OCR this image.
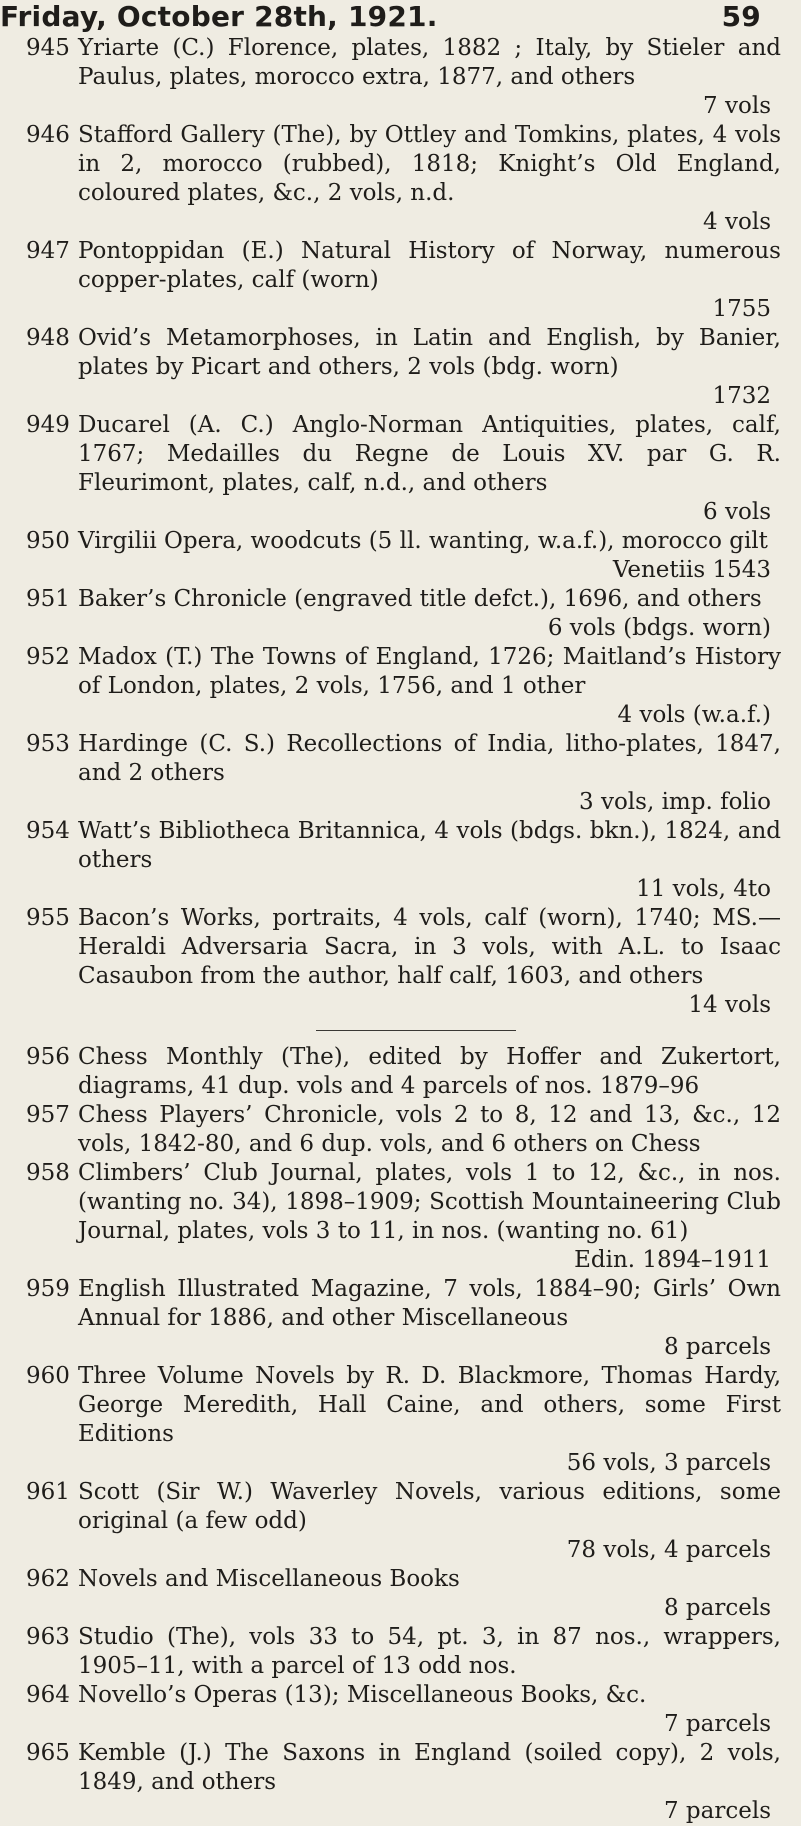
Friday, October 28th, 1921.	59
945 Yriarte (C.) Florence, plates, 1882 ; Italy, by Stieler and Paulus, plates, morocco extra, 1877, and others
7 vols
946 Stafford Gallery (The), by Ottley and Tomkins, plates, 4 vols in 2, morocco (rubbed), 1818; Knight’s Old England, coloured plates, &c., 2 vols, n.d.
4 vols
947 Pontoppidan (E.) Natural History of Norway, numerous copper-plates, calf (worn)
1755
948 Ovid’s Metamorphoses, in Latin and English, by Banier, plates by Picart and others, 2 vols (bdg. worn)
1732
949 Ducarel (A. C.) Anglo-Norman Antiquities, plates, calf, 1767; Medailles du Regne de Louis XV. par G. R. Fleurimont, plates, calf, n.d., and others
6 vols
950 Virgilii Opera, woodcuts (5 ll. wanting, w.a.f.), morocco gilt
Venetiis 1543
951 Baker’s Chronicle (engraved title defct.), 1696, and others
6 vols (bdgs. worn)
952 Madox (T.) The Towns of England, 1726; Maitland’s History of London, plates, 2 vols, 1756, and 1 other
4 vols (w.a.f.)
953 Hardinge (C. S.) Recollections of India, litho-plates, 1847, and 2 others
3 vols, imp. folio
954 Watt’s Bibliotheca Britannica, 4 vols (bdgs. bkn.), 1824, and others
11 vols, 4to
955 Bacon’s Works, portraits, 4 vols, calf (worn), 1740; MS.—Heraldi Adversaria Sacra, in 3 vols, with A.L. to Isaac Casaubon from the author, half calf, 1603, and others
14 vols
956 Chess Monthly (The), edited by Hoffer and Zukertort, diagrams, 41 dup. vols and 4 parcels of nos. 1879–96
957 Chess Players’ Chronicle, vols 2 to 8, 12 and 13, &c., 12 vols, 1842-80, and 6 dup. vols, and 6 others on Chess
958 Climbers’ Club Journal, plates, vols 1 to 12, &c., in nos. (wanting no. 34), 1898–1909; Scottish Mountaineering Club Journal, plates, vols 3 to 11, in nos. (wanting no. 61)
Edin. 1894–1911
959 English Illustrated Magazine, 7 vols, 1884–90; Girls’ Own Annual for 1886, and other Miscellaneous
8 parcels
960 Three Volume Novels by R. D. Blackmore, Thomas Hardy, George Meredith, Hall Caine, and others, some First Editions
56 vols, 3 parcels
961 Scott (Sir W.) Waverley Novels, various editions, some original (a few odd)
78 vols, 4 parcels
962 Novels and Miscellaneous Books
8 parcels
963 Studio (The), vols 33 to 54, pt. 3, in 87 nos., wrappers, 1905–11, with a parcel of 13 odd nos.
964 Novello’s Operas (13); Miscellaneous Books, &c.
7 parcels
965 Kemble (J.) The Saxons in England (soiled copy), 2 vols, 1849, and others
7 parcels
